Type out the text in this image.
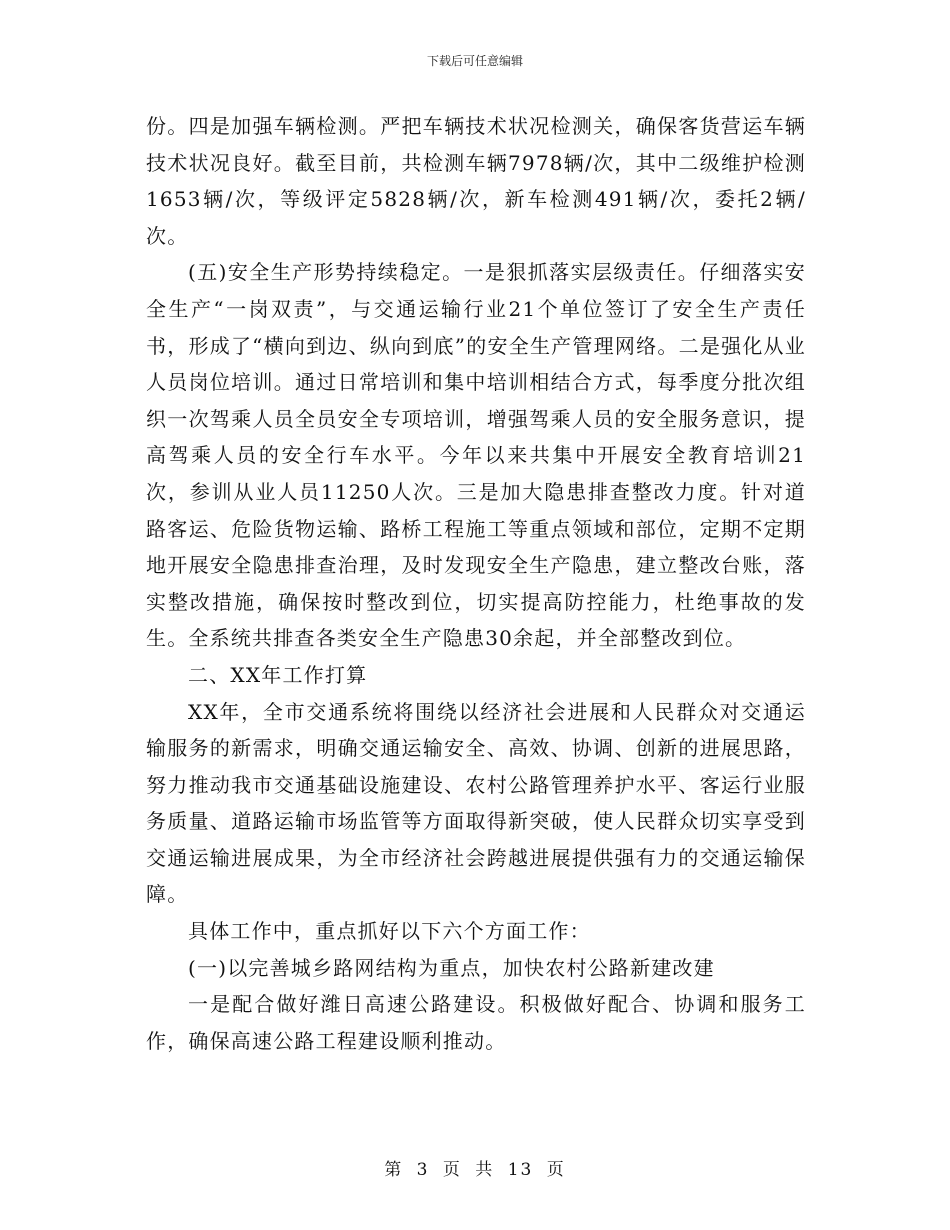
下载后可任意编辑

份。四是加强车辆检测。严把车辆技术状况检测关，确保客货营运车辆技术状况良好。截至目前，共检测车辆7978辆/次，其中二级维护检测1653辆/次，等级评定5828辆/次，新车检测491辆/次，委托2辆/次。

(五)安全生产形势持续稳定。一是狠抓落实层级责任。仔细落实安全生产“一岗双责”，与交通运输行业21个单位签订了安全生产责任书，形成了“横向到边、纵向到底”的安全生产管理网络。二是强化从业人员岗位培训。通过日常培训和集中培训相结合方式，每季度分批次组织一次驾乘人员全员安全专项培训，增强驾乘人员的安全服务意识，提高驾乘人员的安全行车水平。今年以来共集中开展安全教育培训21次，参训从业人员11250人次。三是加大隐患排查整改力度。针对道路客运、危险货物运输、路桥工程施工等重点领域和部位，定期不定期地开展安全隐患排查治理，及时发现安全生产隐患，建立整改台账，落实整改措施，确保按时整改到位，切实提高防控能力，杜绝事故的发生。全系统共排查各类安全生产隐患30余起，并全部整改到位。

二、XX年工作打算

XX年，全市交通系统将围绕以经济社会进展和人民群众对交通运输服务的新需求，明确交通运输安全、高效、协调、创新的进展思路，努力推动我市交通基础设施建设、农村公路管理养护水平、客运行业服务质量、道路运输市场监管等方面取得新突破，使人民群众切实享受到交通运输进展成果，为全市经济社会跨越进展提供强有力的交通运输保障。

具体工作中，重点抓好以下六个方面工作：

(一)以完善城乡路网结构为重点，加快农村公路新建改建

一是配合做好潍日高速公路建设。积极做好配合、协调和服务工作，确保高速公路工程建设顺利推动。

第 3 页 共 13 页
